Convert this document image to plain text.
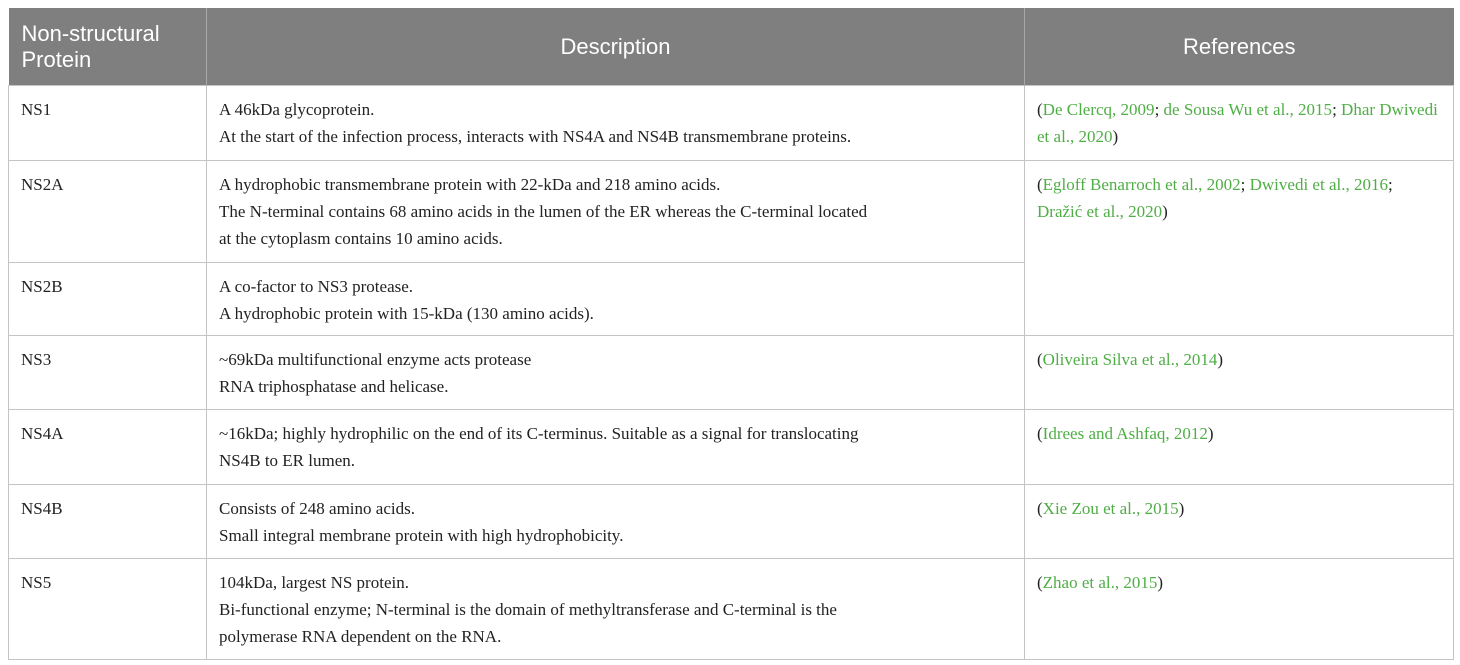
Non-structural
Protein	Description	References
NS1	A 46kDa glycoprotein.
At the start of the infection process, interacts with NS4A and NS4B transmembrane proteins.	(De Clercq, 2009; de Sousa Wu et al., 2015; Dhar Dwivedi et al., 2020)
NS2A	A hydrophobic transmembrane protein with 22-kDa and 218 amino acids.
The N-terminal contains 68 amino acids in the lumen of the ER whereas the C-terminal located
at the cytoplasm contains 10 amino acids.	(Egloff Benarroch et al., 2002; Dwivedi et al., 2016; Dražić et al., 2020)
NS2B	A co-factor to NS3 protease.
A hydrophobic protein with 15-kDa (130 amino acids).	

NS3	~69kDa multifunctional enzyme acts protease
RNA triphosphatase and helicase.	(Oliveira Silva et al., 2014)
NS4A	~16kDa; highly hydrophilic on the end of its C-terminus. Suitable as a signal for translocating
NS4B to ER lumen.	(Idrees and Ashfaq, 2012)
NS4B	Consists of 248 amino acids.
Small integral membrane protein with high hydrophobicity.	(Xie Zou et al., 2015)
NS5	104kDa, largest NS protein.
Bi-functional enzyme; N-terminal is the domain of methyltransferase and C-terminal is the
polymerase RNA dependent on the RNA.	(Zhao et al., 2015)
